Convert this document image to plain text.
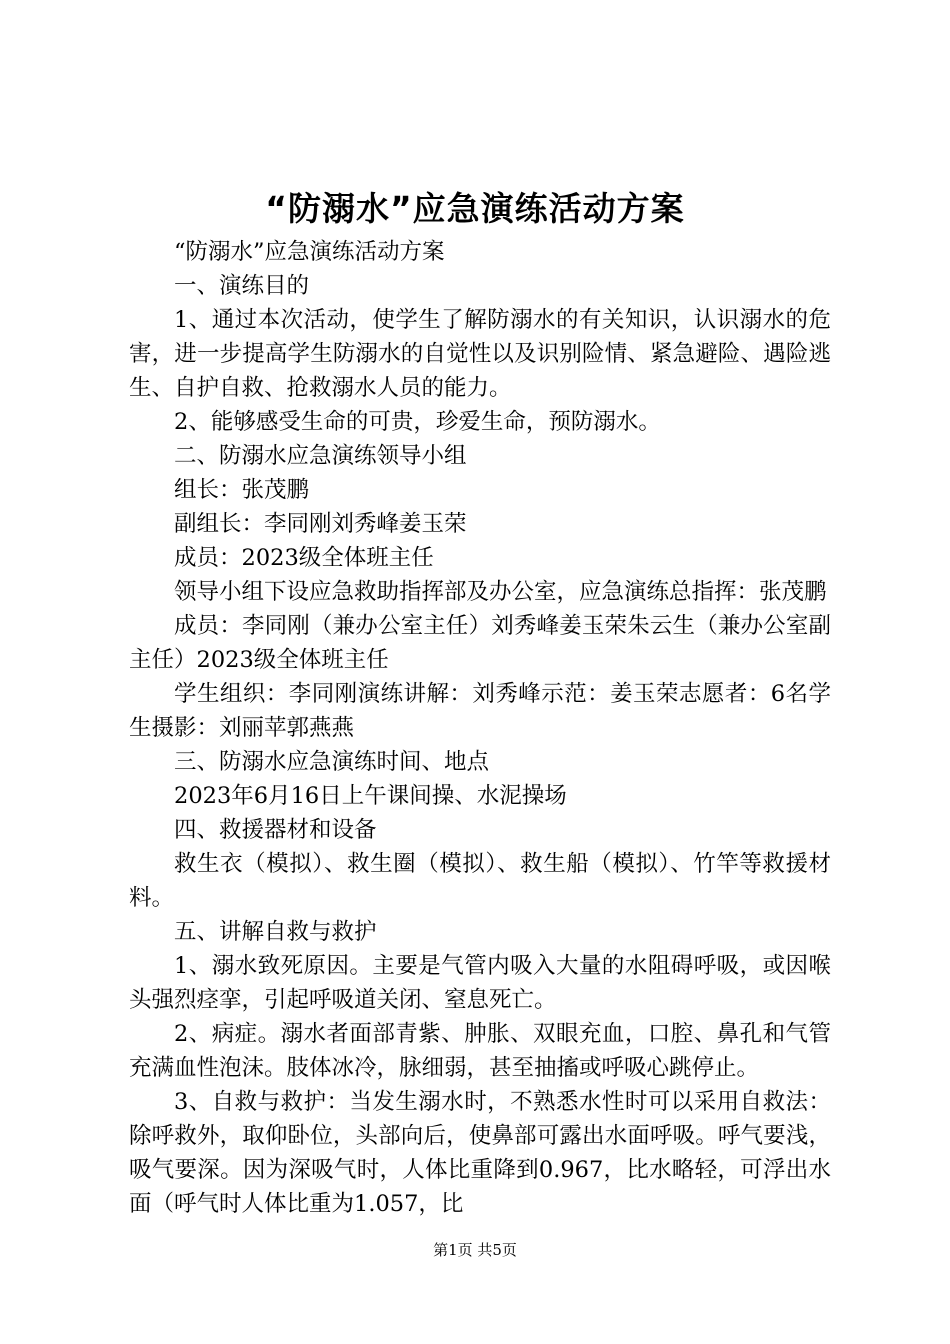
“防溺水”应急演练活动方案

“防溺水”应急演练活动方案

一、演练目的

1、通过本次活动，使学生了解防溺水的有关知识，认识溺水的危害，进一步提高学生防溺水的自觉性以及识别险情、紧急避险、遇险逃生、自护自救、抢救溺水人员的能力。

2、能够感受生命的可贵，珍爱生命，预防溺水。

二、防溺水应急演练领导小组

组长：张茂鹏

副组长：李同刚刘秀峰姜玉荣

成员：2023级全体班主任

领导小组下设应急救助指挥部及办公室，应急演练总指挥：张茂鹏

成员：李同刚（兼办公室主任）刘秀峰姜玉荣朱云生（兼办公室副主任）2023级全体班主任

学生组织：李同刚演练讲解：刘秀峰示范：姜玉荣志愿者：6名学生摄影：刘丽苹郭燕燕

三、防溺水应急演练时间、地点

2023年6月16日上午课间操、水泥操场

四、救援器材和设备

救生衣（模拟）、救生圈（模拟）、救生船（模拟）、竹竿等救援材料。

五、讲解自救与救护

1、溺水致死原因。主要是气管内吸入大量的水阻碍呼吸，或因喉头强烈痉挛，引起呼吸道关闭、窒息死亡。

2、病症。溺水者面部青紫、肿胀、双眼充血，口腔、鼻孔和气管充满血性泡沫。肢体冰冷，脉细弱，甚至抽搐或呼吸心跳停止。

3、自救与救护：当发生溺水时，不熟悉水性时可以采用自救法：除呼救外，取仰卧位，头部向后，使鼻部可露出水面呼吸。呼气要浅，吸气要深。因为深吸气时，人体比重降到0.967，比水略轻，可浮出水面（呼气时人体比重为1.057，比

第1页 共5页
